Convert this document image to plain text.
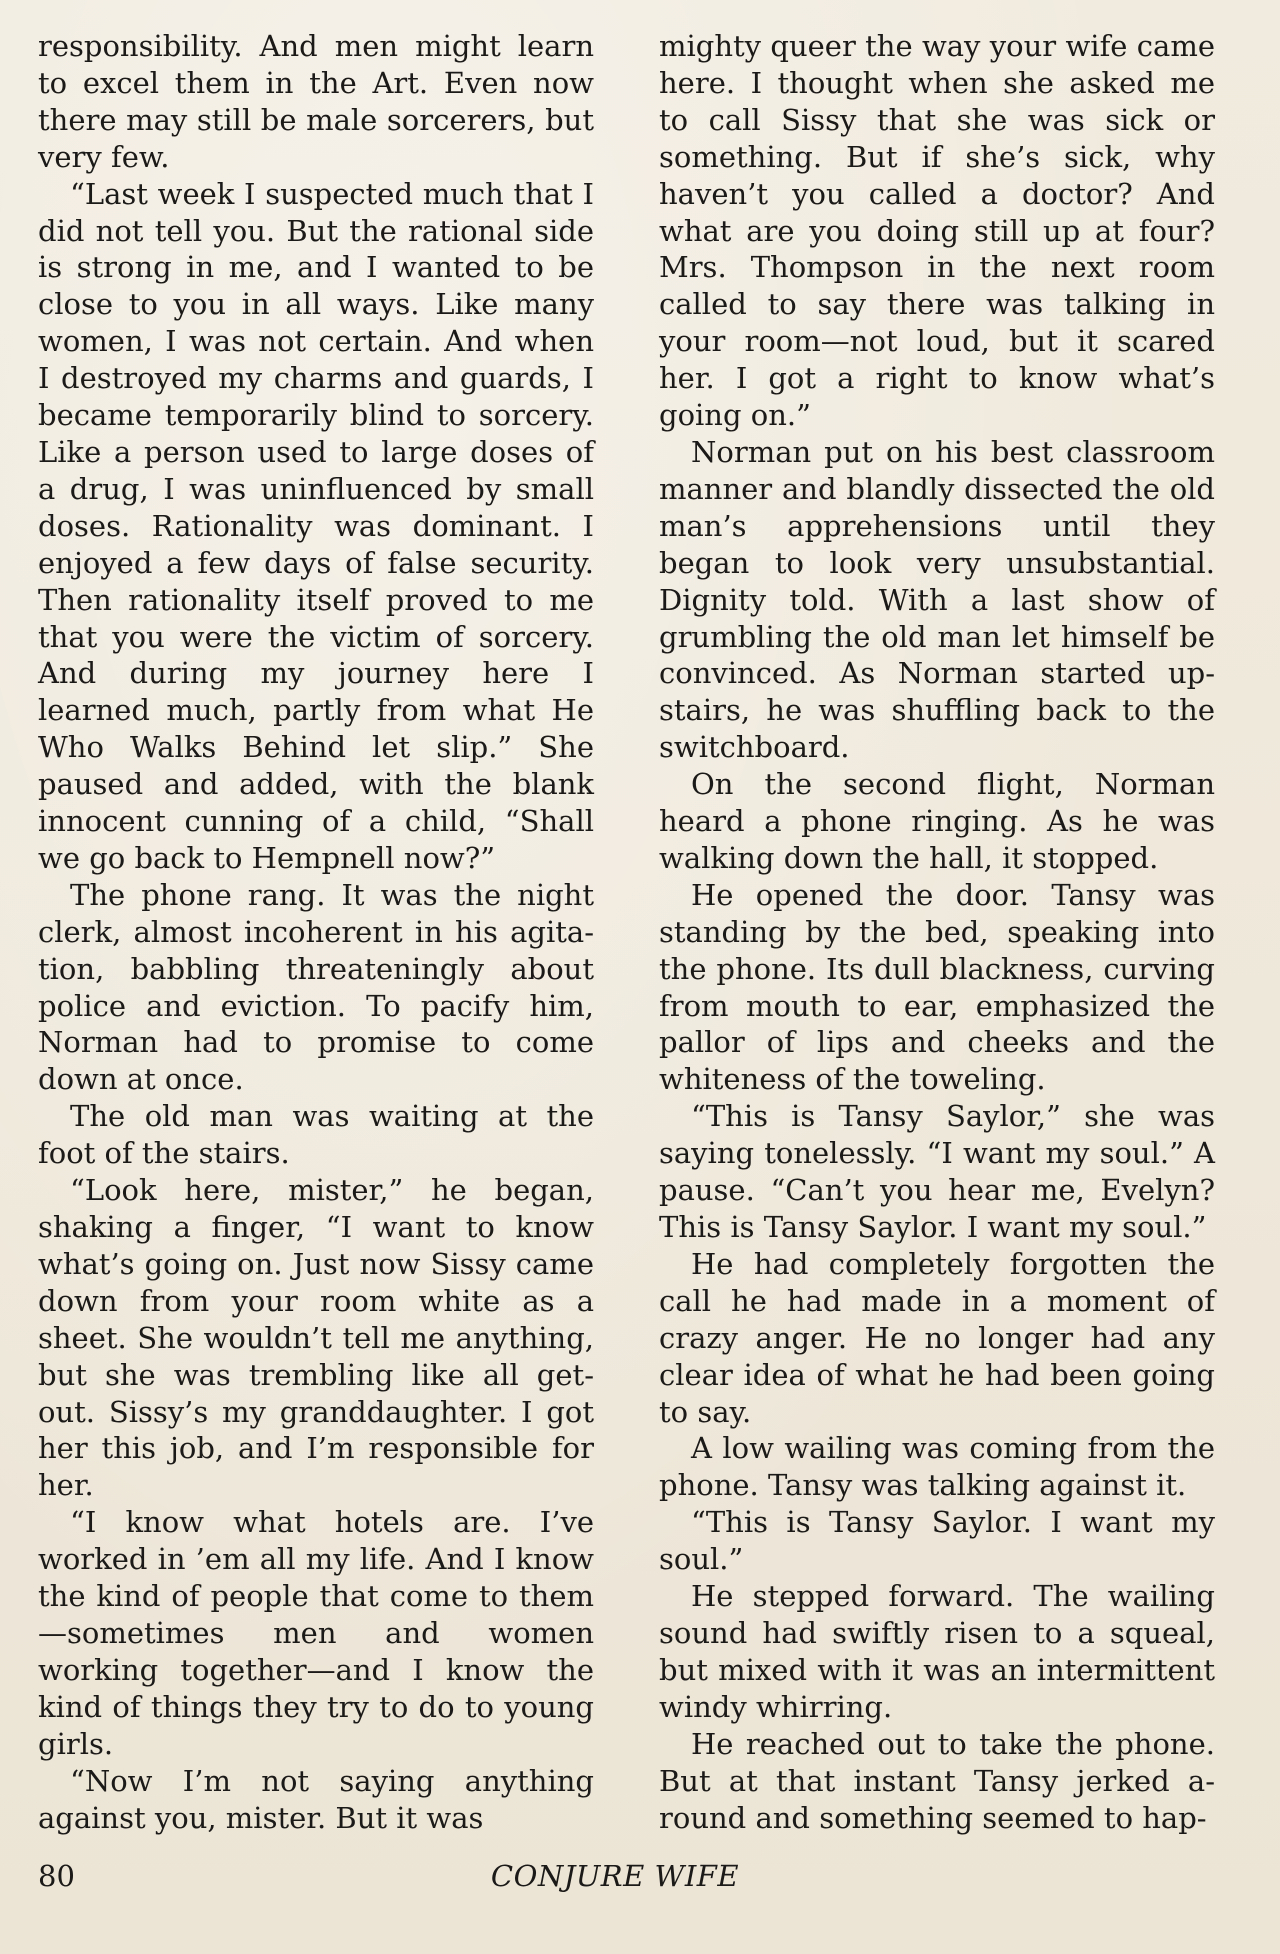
responsibility. And men might learn to excel them in the Art. Even now there may still be male sorcerers, but very few.

“Last week I suspected much that I did not tell you. But the rational side is strong in me, and I wanted to be close to you in all ways. Like many women, I was not certain. And when I destroyed my charms and guards, I became temporarily blind to sorcery. Like a person used to large doses of a drug, I was uninfluenced by small doses. Rationality was dominant. I enjoyed a few days of false security. Then rationality itself proved to me that you were the victim of sorcery. And during my journey here I learned much, partly from what He Who Walks Behind let slip.” She paused and added, with the blank innocent cunning of a child, “Shall we go back to Hempnell now?”

The phone rang. It was the night clerk, almost incoherent in his agitation, babbling threateningly about police and eviction. To pacify him, Norman had to promise to come down at once.

The old man was waiting at the foot of the stairs.

“Look here, mister,” he began, shaking a finger, “I want to know what’s going on. Just now Sissy came down from your room white as a sheet. She wouldn’t tell me anything, but she was trembling like all get-out. Sissy’s my granddaughter. I got her this job, and I’m responsible for her.

“I know what hotels are. I’ve worked in ’em all my life. And I know the kind of people that come to them—sometimes men and women working together—and I know the kind of things they try to do to young girls.

“Now I’m not saying anything against you, mister. But it was

mighty queer the way your wife came here. I thought when she asked me to call Sissy that she was sick or something. But if she’s sick, why haven’t you called a doctor? And what are you doing still up at four? Mrs. Thompson in the next room called to say there was talking in your room—not loud, but it scared her. I got a right to know what’s going on.”

Norman put on his best classroom manner and blandly dissected the old man’s apprehensions until they began to look very unsubstantial. Dignity told. With a last show of grumbling the old man let himself be convinced. As Norman started upstairs, he was shuffling back to the switchboard.

On the second flight, Norman heard a phone ringing. As he was walking down the hall, it stopped.

He opened the door. Tansy was standing by the bed, speaking into the phone. Its dull blackness, curving from mouth to ear, emphasized the pallor of lips and cheeks and the whiteness of the toweling.

“This is Tansy Saylor,” she was saying tonelessly. “I want my soul.” A pause. “Can’t you hear me, Evelyn? This is Tansy Saylor. I want my soul.”

He had completely forgotten the call he had made in a moment of crazy anger. He no longer had any clear idea of what he had been going to say.

A low wailing was coming from the phone. Tansy was talking against it.

“This is Tansy Saylor. I want my soul.”

He stepped forward. The wailing sound had swiftly risen to a squeal, but mixed with it was an intermittent windy whirring.

He reached out to take the phone. But at that instant Tansy jerked around and something seemed to hap-

CONJURE WIFE
80
